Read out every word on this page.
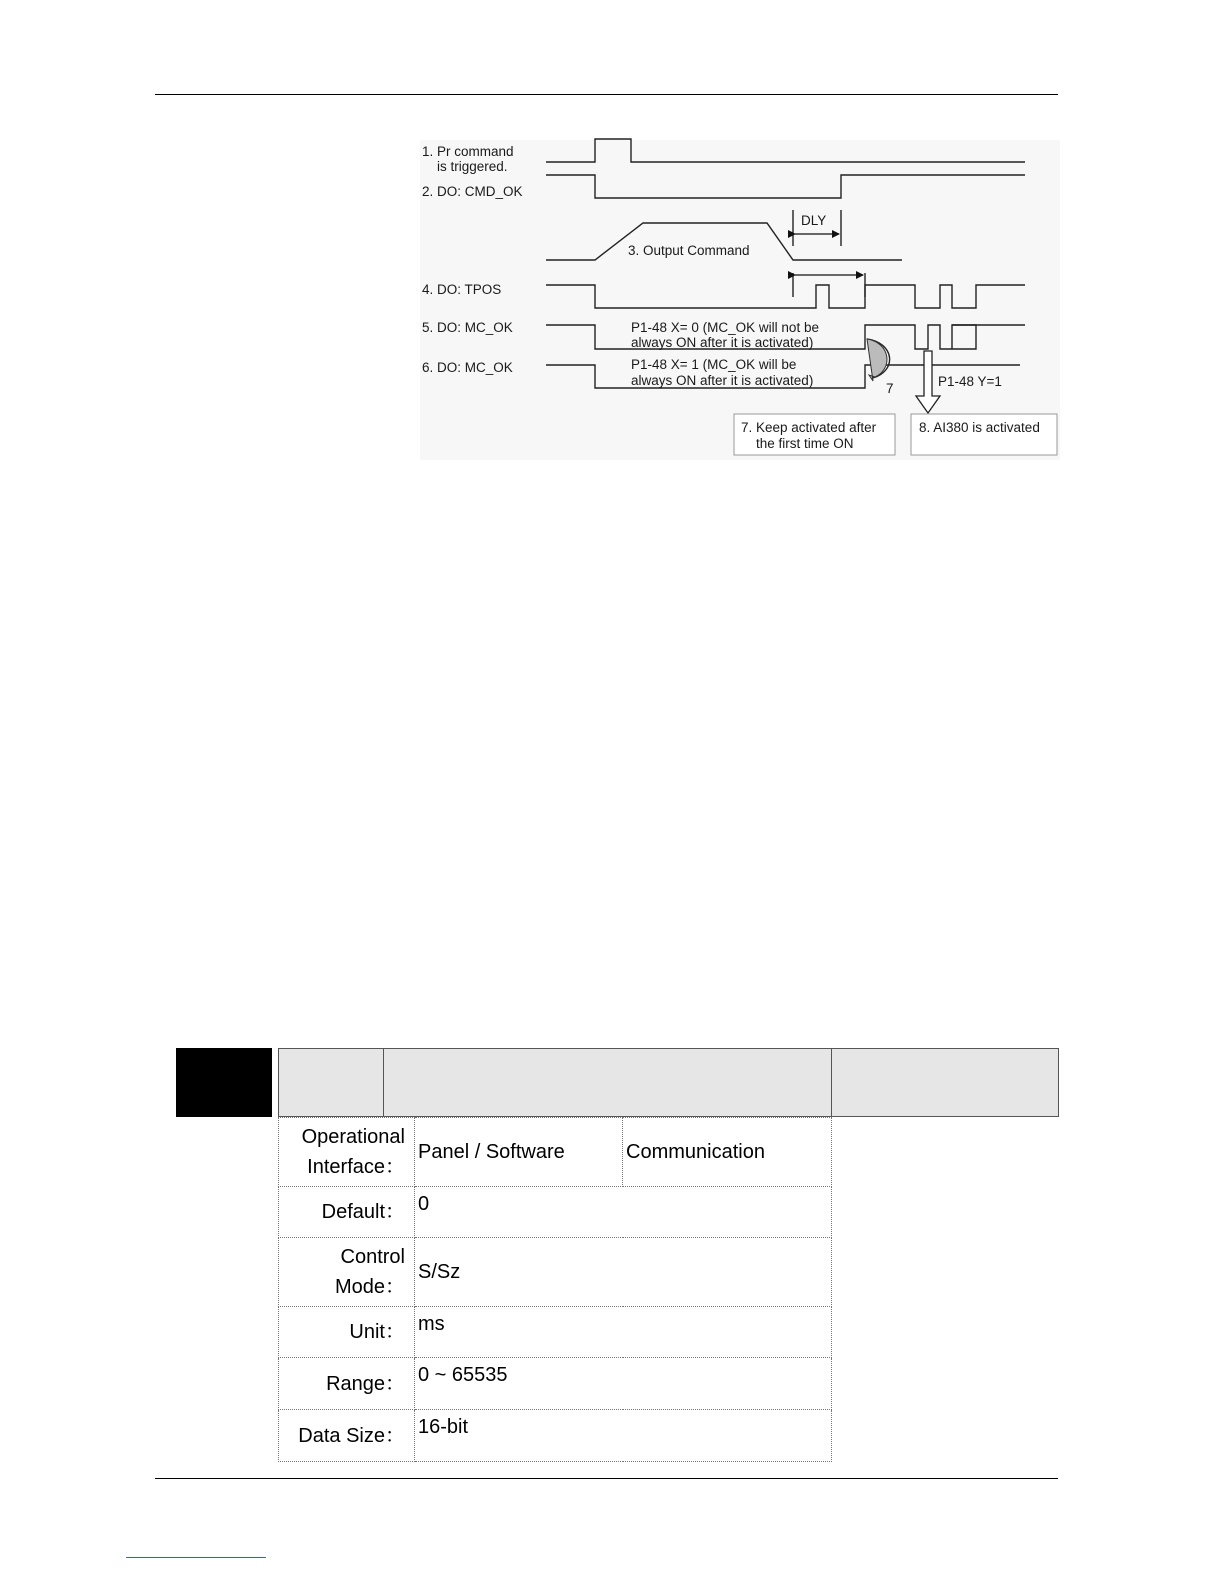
1. Pr command
is triggered.
2. DO: CMD_OK
4. DO: TPOS
5. DO: MC_OK
6. DO: MC_OK
DLY
3. Output Command
P1-48 X= 0 (MC_OK will not be
always ON after it is activated)
P1-48 X= 1 (MC_OK will be
always ON after it is activated)
7	P1-48 Y=1
7. Keep activated after
the first time ON
8. AI380 is activated
Operational
Interface：	Panel / Software	Communication
Default：	0	
Control
Mode：	S/Sz	
Unit：	ms	
Range：	0 ~ 65535	
Data Size：	16-bit	
